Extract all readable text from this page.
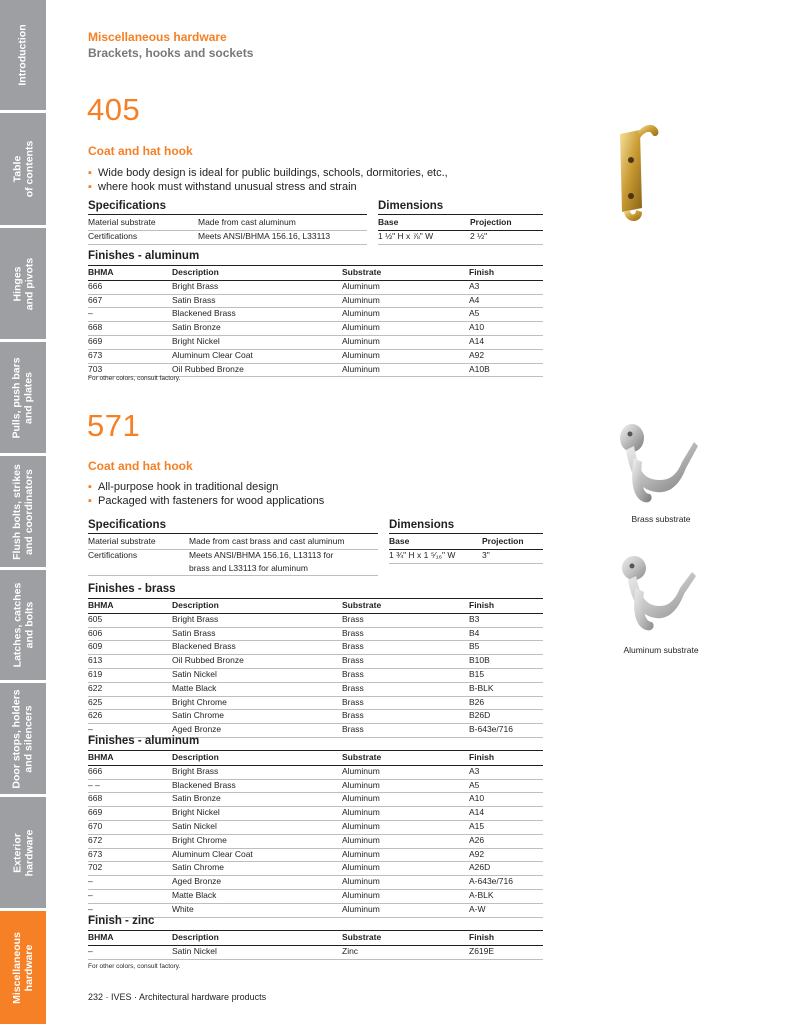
Introduction
Table
of contents
Hinges
and pivots
Pulls, push bars
and plates
Flush bolts, strikes
and coordinators
Latches, catches
and bolts
Door stops, holders
and silencers
Exterior
hardware
Miscellaneous
hardware
Miscellaneous hardware
Brackets, hooks and sockets
405
Coat and hat hook
▪ Wide body design is ideal for public buildings, schools, dormitories, etc.,
▪ where hook must withstand unusual stress and strain
Specifications	Dimensions
Material substrate	Made from cast aluminum
Certifications	Meets ANSI/BHMA 156.16, L33113
Base	Projection
1 ½" H x ⅞" W	2 ½"
Finishes - aluminum
BHMA	Description	Substrate	Finish
666	Bright Brass	Aluminum	A3
667	Satin Brass	Aluminum	A4
–	Blackened Brass	Aluminum	A5
668	Satin Bronze	Aluminum	A10
669	Bright Nickel	Aluminum	A14
673	Aluminum Clear Coat	Aluminum	A92
703	Oil Rubbed Bronze	Aluminum	A10B
For other colors, consult factory.
571
Coat and hat hook
▪ All-purpose hook in traditional design
▪ Packaged with fasteners for wood applications
Specifications	Dimensions
Material substrate	Made from cast brass and cast aluminum
Certifications	Meets ANSI/BHMA 156.16, L13113 for
	brass and L33113 for aluminum
Base	Projection
1 ¾" H x 1 ⁵⁄₁₆" W	3"
Finishes - brass
BHMA	Description	Substrate	Finish
605	Bright Brass	Brass	B3
606	Satin Brass	Brass	B4
609	Blackened Brass	Brass	B5
613	Oil Rubbed Bronze	Brass	B10B
619	Satin Nickel	Brass	B15
622	Matte Black	Brass	B-BLK
625	Bright Chrome	Brass	B26
626	Satin Chrome	Brass	B26D
–	Aged Bronze	Brass	B-643e/716
Finishes - aluminum
BHMA	Description	Substrate	Finish
666	Bright Brass	Aluminum	A3
– –	Blackened Brass	Aluminum	A5
668	Satin Bronze	Aluminum	A10
669	Bright Nickel	Aluminum	A14
670	Satin Nickel	Aluminum	A15
672	Bright Chrome	Aluminum	A26
673	Aluminum Clear Coat	Aluminum	A92
702	Satin Chrome	Aluminum	A26D
–	Aged Bronze	Aluminum	A-643e/716
–	Matte Black	Aluminum	A-BLK
–	White	Aluminum	A-W
Finish - zinc
BHMA	Description	Substrate	Finish
–	Satin Nickel	Zinc	Z619E
For other colors, consult factory.
Brass substrate
Aluminum substrate
232 · IVES · Architectural hardware products
